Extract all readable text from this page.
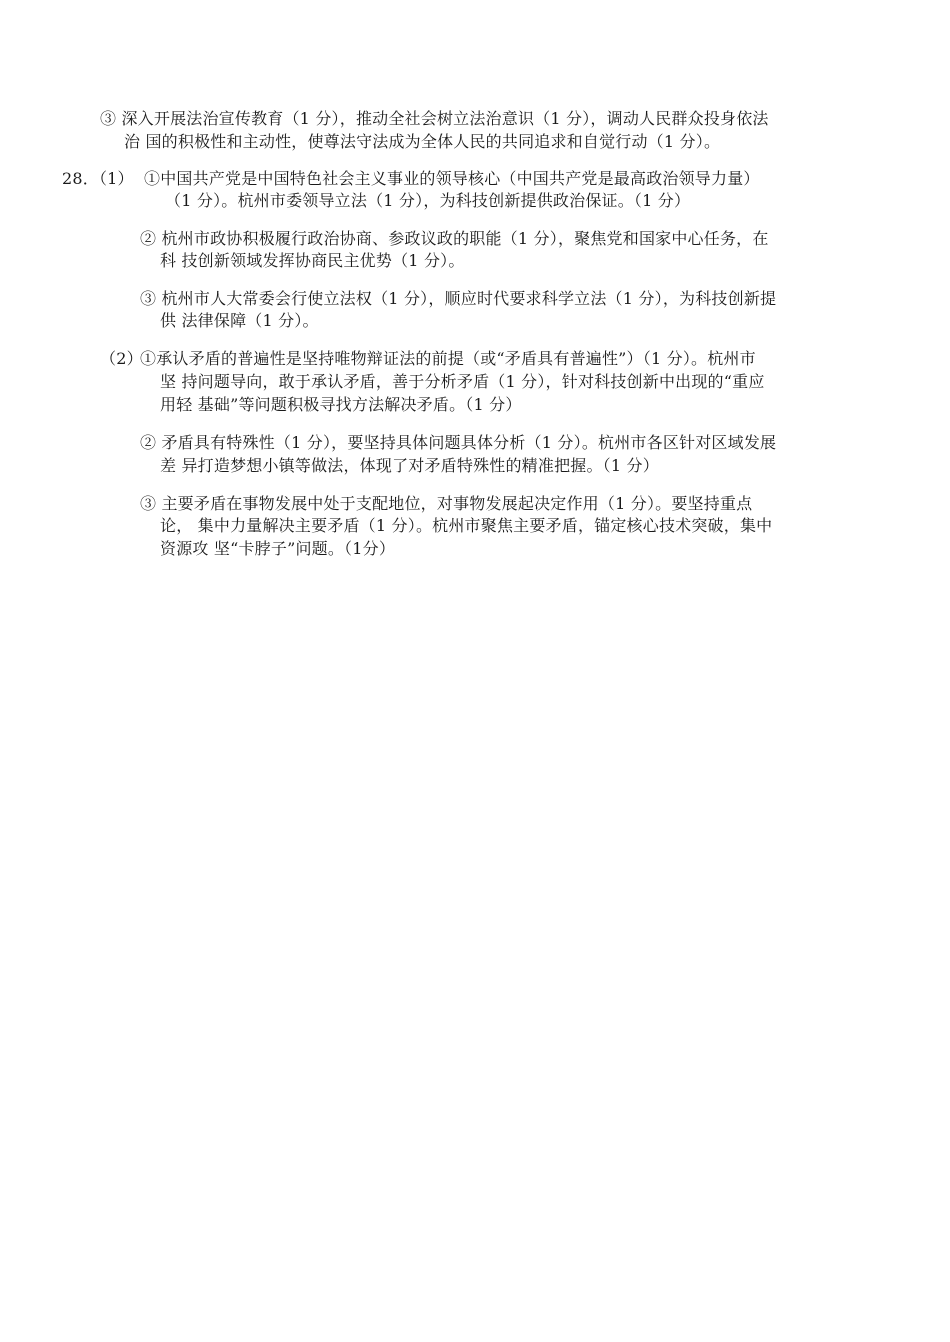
③ 深入开展法治宣传教育（1 分），推动全社会树立法治意识（1 分），调动人民群众投身依法
治 国的积极性和主动性，使尊法守法成为全体人民的共同追求和自觉行动（1 分）。
28．（1） ①中国共产党是中国特色社会主义事业的领导核心（中国共产党是最高政治领导力量）
（1 分）。杭州市委领导立法（1 分），为科技创新提供政治保证。（1 分）
② 杭州市政协积极履行政治协商、参政议政的职能（1 分），聚焦党和国家中心任务，在
科 技创新领域发挥协商民主优势（1 分）。
③ 杭州市人大常委会行使立法权（1 分），顺应时代要求科学立法（1 分），为科技创新提
供 法律保障（1 分）。
（2）
①承认矛盾的普遍性是坚持唯物辩证法的前提（或“矛盾具有普遍性”）（1 分）。杭州市
坚 持问题导向，敢于承认矛盾，善于分析矛盾（1 分），针对科技创新中出现的“重应
用轻 基础”等问题积极寻找方法解决矛盾。（1 分）
② 矛盾具有特殊性（1 分），要坚持具体问题具体分析（1 分）。杭州市各区针对区域发展
差 异打造梦想小镇等做法，体现了对矛盾特殊性的精准把握。（1 分）
③ 主要矛盾在事物发展中处于支配地位，对事物发展起决定作用（1 分）。要坚持重点
论， 集中力量解决主要矛盾（1 分）。杭州市聚焦主要矛盾，锚定核心技术突破，集中
资源攻 坚“卡脖子”问题。（1分）
